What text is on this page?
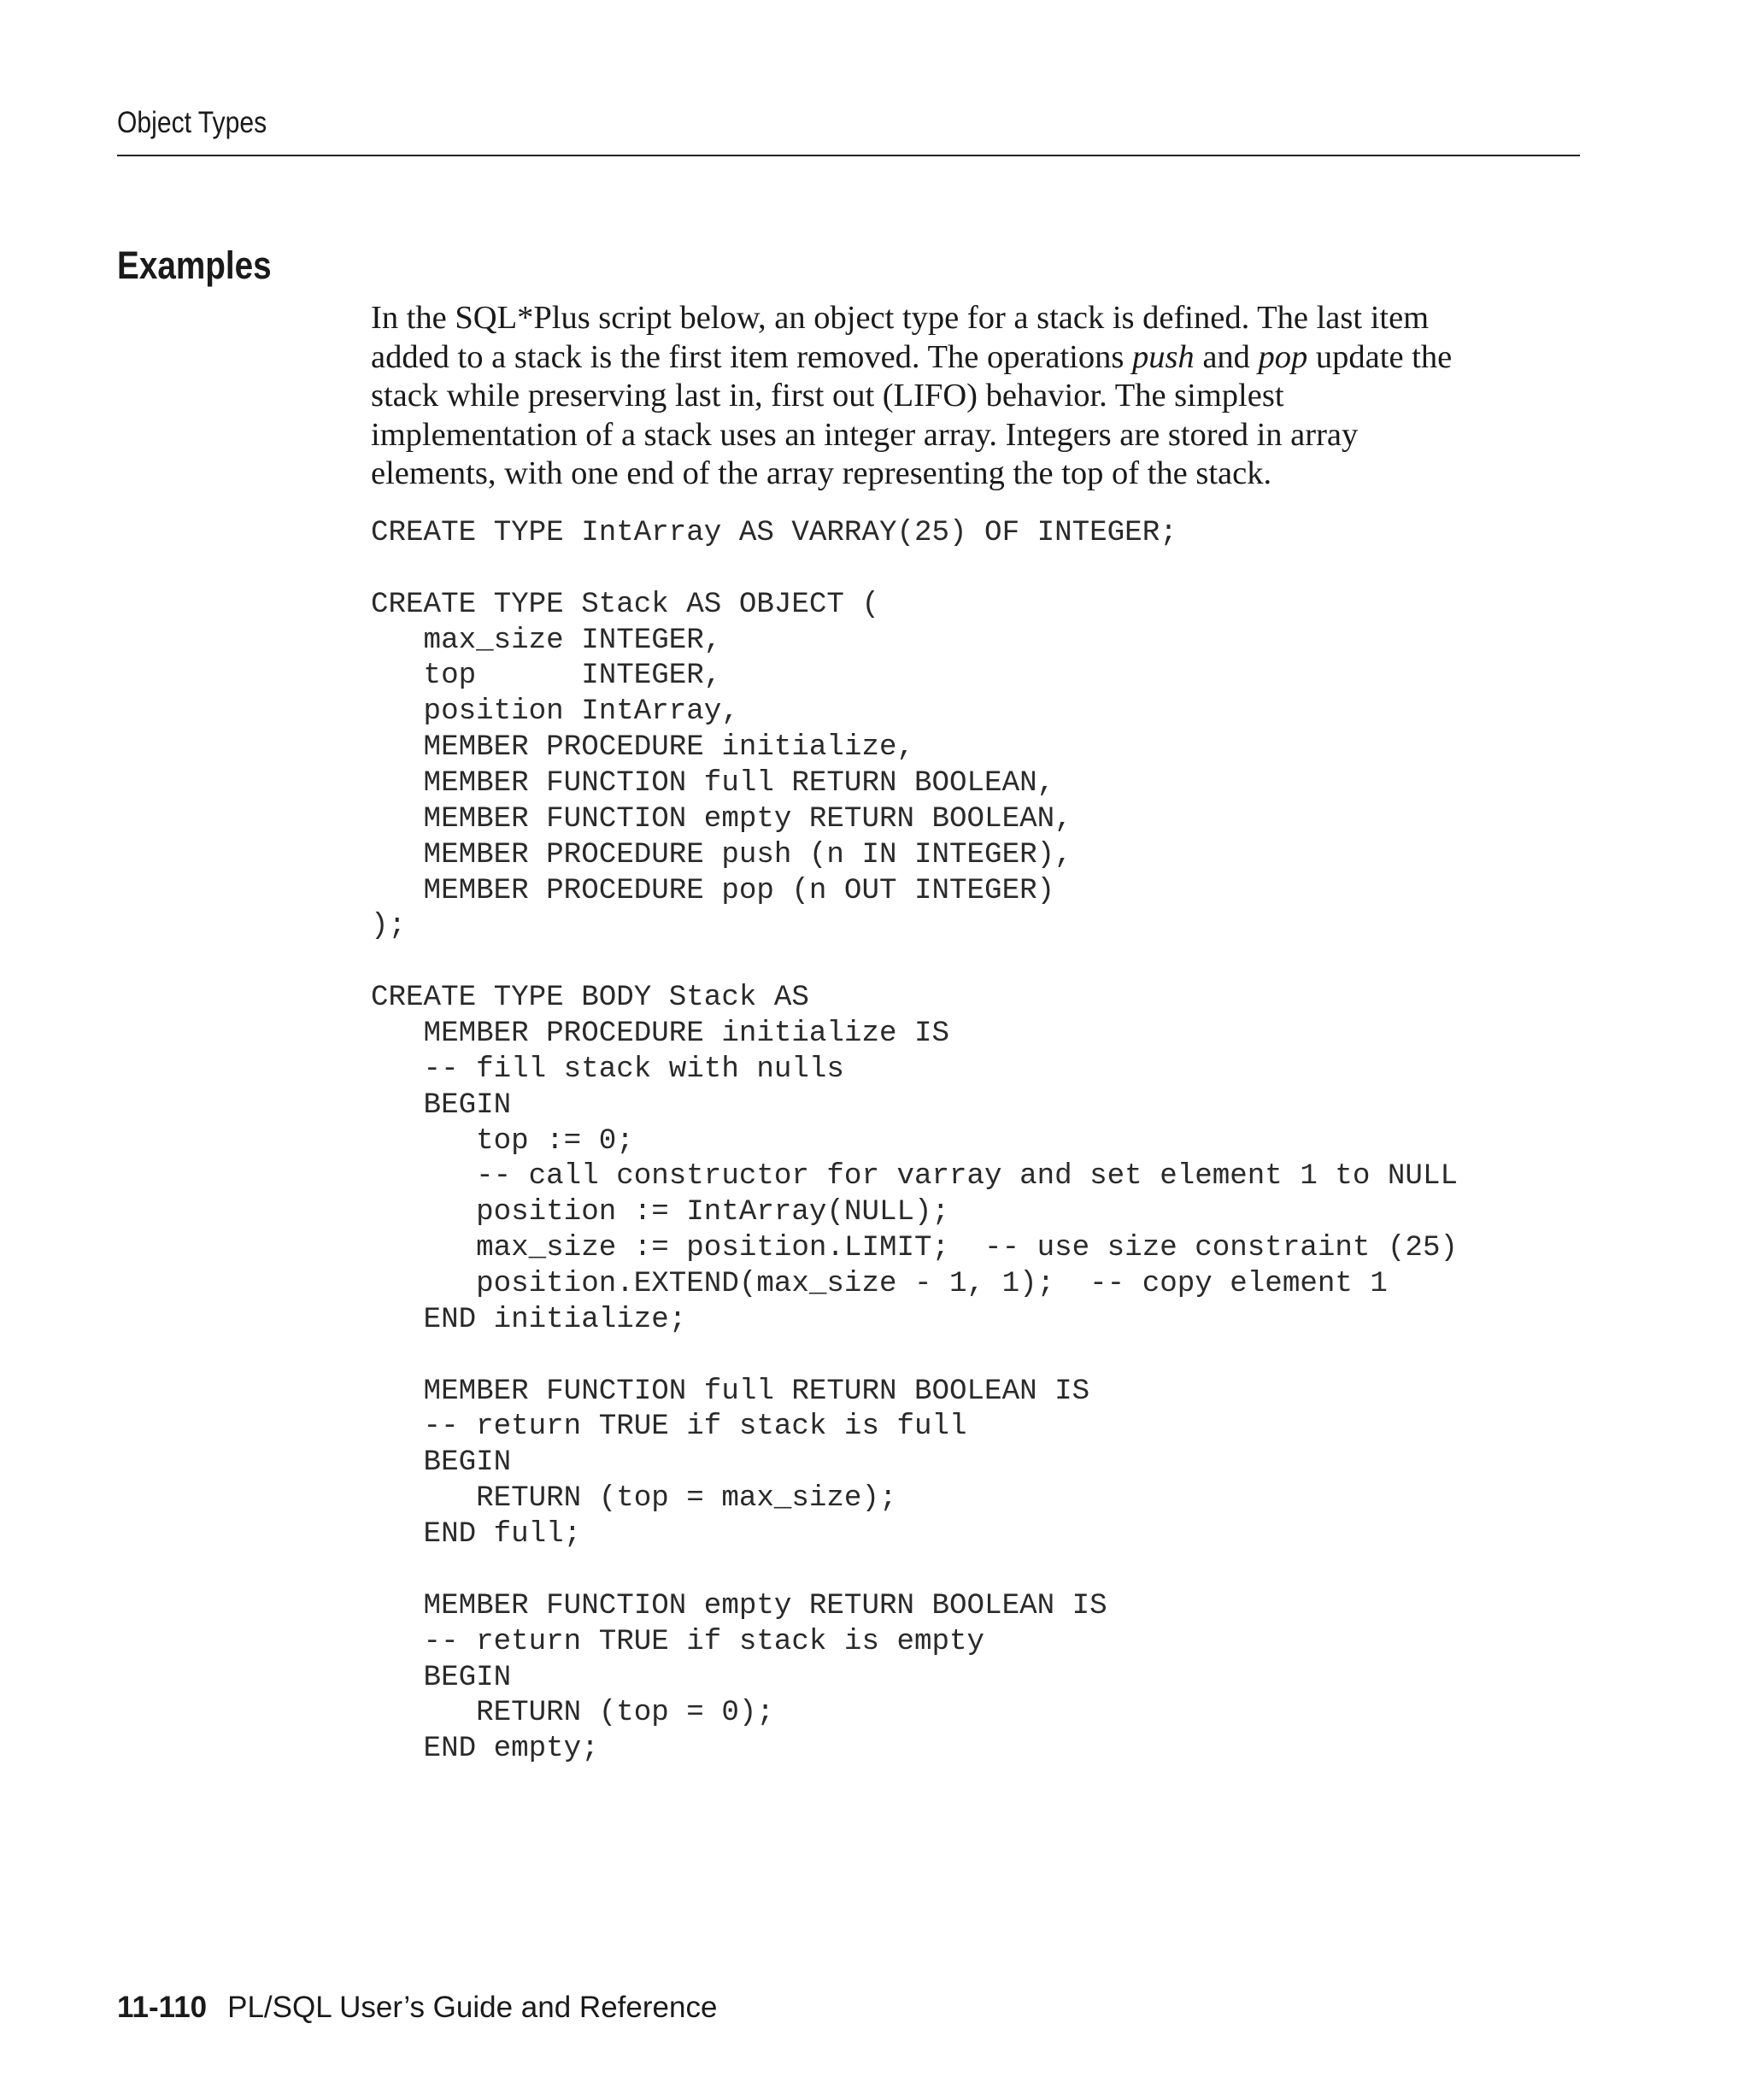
Object Types
Examples

In the SQL*Plus script below, an object type for a stack is defined. The last item
added to a stack is the first item removed. The operations push and pop update the
stack while preserving last in, first out (LIFO) behavior. The simplest
implementation of a stack uses an integer array. Integers are stored in array
elements, with one end of the array representing the top of the stack.

CREATE TYPE IntArray AS VARRAY(25) OF INTEGER;
CREATE TYPE Stack AS OBJECT (
max_size INTEGER,
top      INTEGER,
position IntArray,
MEMBER PROCEDURE initialize,
MEMBER FUNCTION full RETURN BOOLEAN,
MEMBER FUNCTION empty RETURN BOOLEAN,
MEMBER PROCEDURE push (n IN INTEGER),
MEMBER PROCEDURE pop (n OUT INTEGER)
);
CREATE TYPE BODY Stack AS
MEMBER PROCEDURE initialize IS
-- fill stack with nulls
BEGIN
top := 0;
-- call constructor for varray and set element 1 to NULL
position := IntArray(NULL);
max_size := position.LIMIT;  -- use size constraint (25)
position.EXTEND(max_size - 1, 1);  -- copy element 1
END initialize;
MEMBER FUNCTION full RETURN BOOLEAN IS
-- return TRUE if stack is full
BEGIN
RETURN (top = max_size);
END full;
MEMBER FUNCTION empty RETURN BOOLEAN IS
-- return TRUE if stack is empty
BEGIN
RETURN (top = 0);
END empty;
11-110 PL/SQL User’s Guide and Reference
